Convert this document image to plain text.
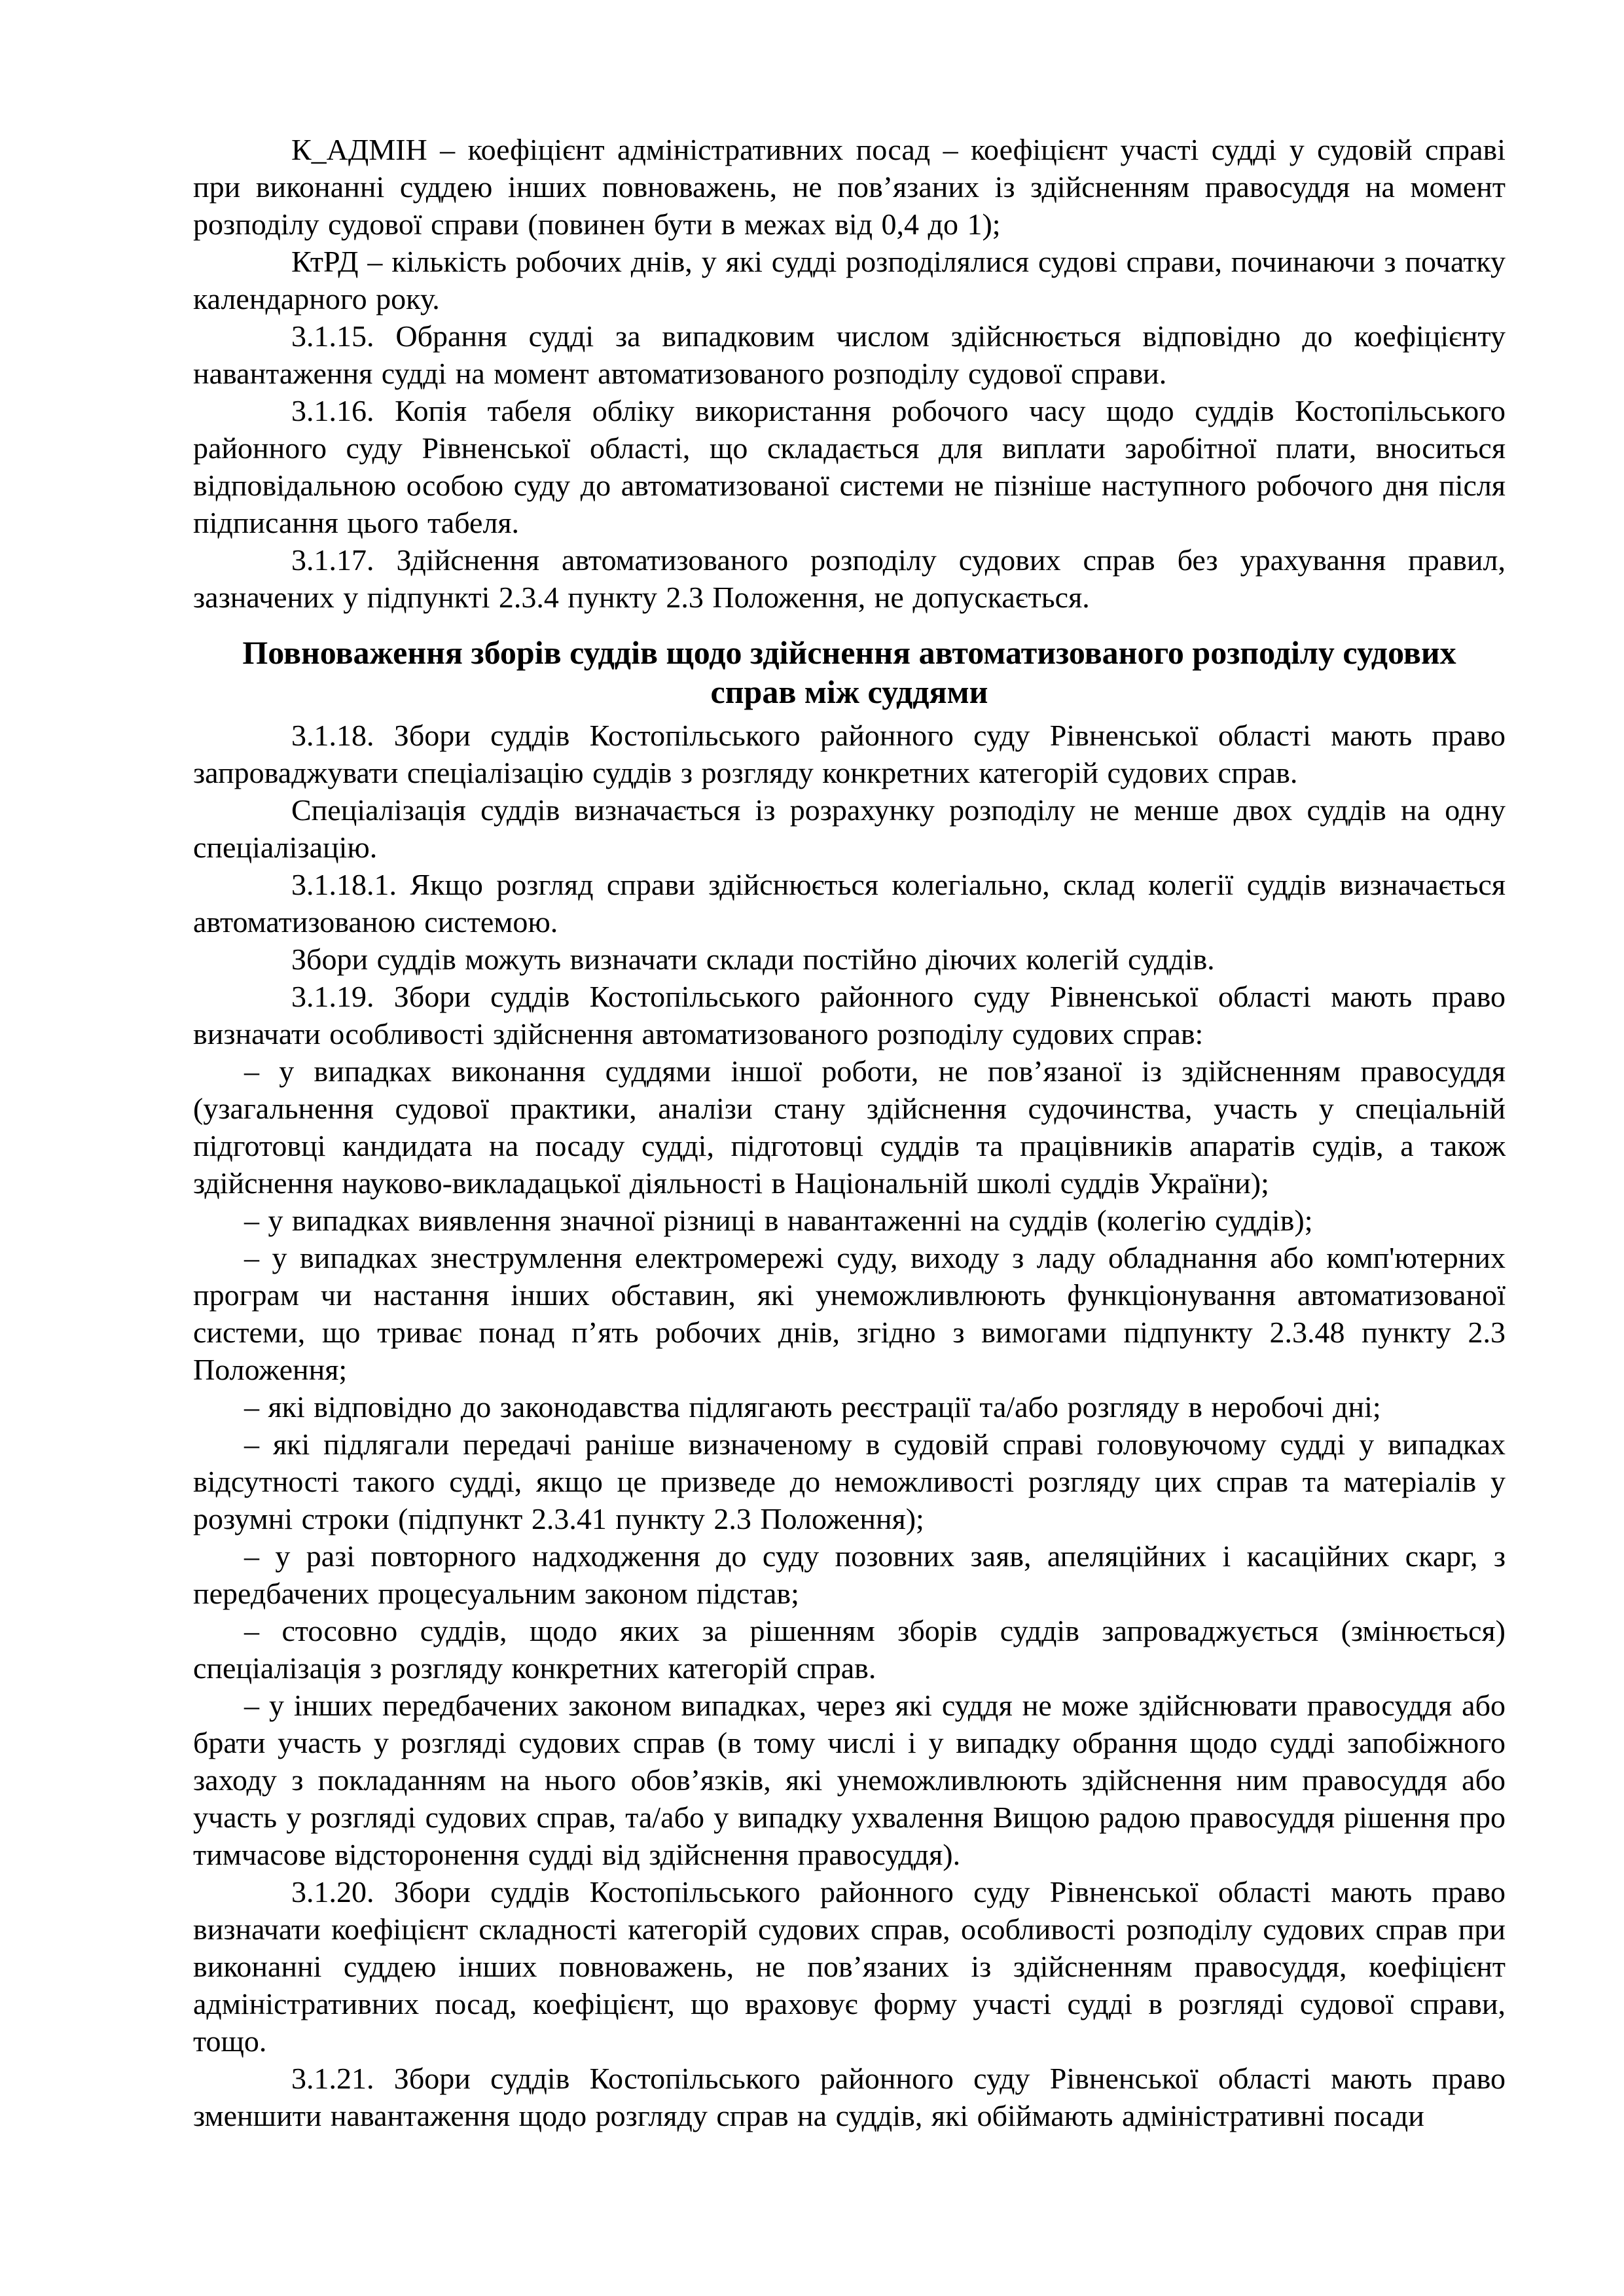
К_АДМІН – коефіцієнт адміністративних посад – коефіцієнт участі судді у судовій справі при виконанні суддею інших повноважень, не пов’язаних із здійсненням правосуддя на момент розподілу судової справи (повинен бути в межах від 0,4 до 1);

КтРД – кількість робочих днів, у які судді розподілялися судові справи, починаючи з початку календарного року.

3.1.15. Обрання судді за випадковим числом здійснюється відповідно до коефіцієнту навантаження судді на момент автоматизованого розподілу судової справи.

3.1.16. Копія табеля обліку використання робочого часу щодо суддів Костопільського районного суду Рівненської області, що складається для виплати заробітної плати, вноситься відповідальною особою суду до автоматизованої системи не пізніше наступного робочого дня після підписання цього табеля.

3.1.17. Здійснення автоматизованого розподілу судових справ без урахування правил, зазначених у підпункті 2.3.4 пункту 2.3 Положення, не допускається.

Повноваження зборів суддів щодо здійснення автоматизованого розподілу судових справ між суддями

3.1.18. Збори суддів Костопільського районного суду Рівненської області мають право запроваджувати спеціалізацію суддів з розгляду конкретних категорій судових справ.

Спеціалізація суддів визначається із розрахунку розподілу не менше двох суддів на одну спеціалізацію.

3.1.18.1. Якщо розгляд справи здійснюється колегіально, склад колегії суддів визначається автоматизованою системою.

Збори суддів можуть визначати склади постійно діючих колегій суддів.

3.1.19. Збори суддів Костопільського районного суду Рівненської області мають право визначати особливості здійснення автоматизованого розподілу судових справ:

– у випадках виконання суддями іншої роботи, не пов’язаної із здійсненням правосуддя (узагальнення судової практики, аналізи стану здійснення судочинства, участь у спеціальній підготовці кандидата на посаду судді, підготовці суддів та працівників апаратів судів, а також здійснення науково-викладацької діяльності в Національній школі суддів України);

– у випадках виявлення значної різниці в навантаженні на суддів (колегію суддів);

– у випадках знеструмлення електромережі суду, виходу з ладу обладнання або комп'ютерних програм чи настання інших обставин, які унеможливлюють функціонування автоматизованої системи, що триває понад п’ять робочих днів, згідно з вимогами підпункту 2.3.48 пункту 2.3 Положення;

– які відповідно до законодавства підлягають реєстрації та/або розгляду в неробочі дні;

– які підлягали передачі раніше визначеному в судовій справі головуючому судді у випадках відсутності такого судді, якщо це призведе до неможливості розгляду цих справ та матеріалів у розумні строки (підпункт 2.3.41 пункту 2.3 Положення);

– у разі повторного надходження до суду позовних заяв, апеляційних і касаційних скарг, з передбачених процесуальним законом підстав;

– стосовно суддів, щодо яких за рішенням зборів суддів запроваджується (змінюється) спеціалізація з розгляду конкретних категорій справ.

– у інших передбачених законом випадках, через які суддя не може здійснювати правосуддя або брати участь у розгляді судових справ (в тому числі і у випадку обрання щодо судді запобіжного заходу з покладанням на нього обов’язків, які унеможливлюють здійснення ним правосуддя або участь у розгляді судових справ, та/або у випадку ухвалення Вищою радою правосуддя рішення про тимчасове відсторонення судді від здійснення правосуддя).

3.1.20. Збори суддів Костопільського районного суду Рівненської області мають право визначати коефіцієнт складності категорій судових справ, особливості розподілу судових справ при виконанні суддею інших повноважень, не пов’язаних із здійсненням правосуддя, коефіцієнт адміністративних посад, коефіцієнт, що враховує форму участі судді в розгляді судової справи, тощо.

3.1.21. Збори суддів Костопільського районного суду Рівненської області мають право зменшити навантаження щодо розгляду справ на суддів, які обіймають адміністративні посади
